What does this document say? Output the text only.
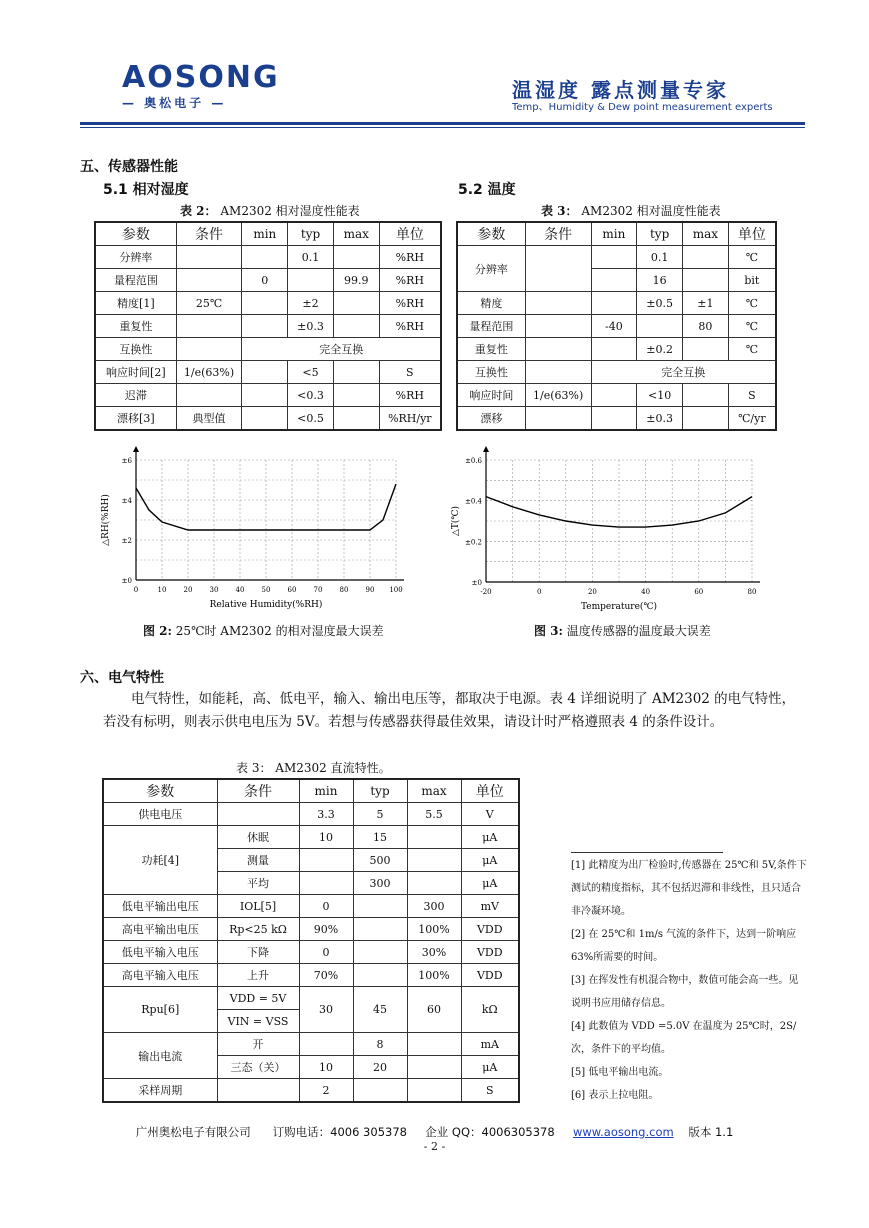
AOSONG
— 奥松电子 —
温湿度 露点测量专家
Temp、Humidity & Dew point measurement experts
五、传感器性能
5.1 相对湿度	5.2 温度
表 2： AM2302 相对湿度性能表	表 3： AM2302 相对温度性能表
参数	条件	min	typ	max	单位
分辨率			0.1		%RH
量程范围		0		99.9	%RH
精度[1]	25℃		±2		%RH
重复性			±0.3		%RH
互换性		完全互换			
响应时间[2]	1/e(63%)		<5		S
迟滞			<0.3		%RH
漂移[3]	典型值		<0.5		%RH/yr
参数	条件	min	typ	max	单位
分辨率			0.1		℃
			16		bit
精度			±0.5	±1	℃
量程范围		-40		80	℃
重复性			±0.2		℃
互换性		完全互换			
响应时间	1/e(63%)		<10		S
漂移			±0.3		℃/yr
0	10 20 30 40 50 60 70 80 90 100
±0
±2
±4
±6
Relative Humidity(%RH)
△RH(%RH)
-20	0	20	40	60	80
±0
±0.2
±0.4
±0.6
Temperature(℃)
△T(℃)
图 2: 25℃时 AM2302 的相对湿度最大误差	图 3: 温度传感器的温度最大误差
六、电气特性
电气特性，如能耗，高、低电平，输入、输出电压等，都取决于电源。表 4 详细说明了 AM2302 的电气特性，若没有标明，则表示供电电压为 5V。若想与传感器获得最佳效果，请设计时严格遵照表 4 的条件设计。
表 3： AM2302 直流特性。
参数	条件	min	typ	max	单位
供电电压		3.3	5	5.5	V
功耗[4]	休眠	10	15		μA
	测量		500		μA
	平均		300		μA
低电平输出电压	IOL[5]	0		300	mV
高电平输出电压	Rp<25 kΩ	90%		100%	VDD
低电平输入电压	下降	0		30%	VDD
高电平输入电压	上升	70%		100%	VDD
Rpu[6]	VDD = 5V	30	45	60	kΩ
	VIN = VSS				
输出电流	开		8		mA
	三态（关）	10	20		μA
采样周期		2			S
[1] 此精度为出厂检验时,传感器在 25℃和 5V,条件下测试的精度指标，其不包括迟滞和非线性，且只适合非冷凝环境。
[2] 在 25℃和 1m/s 气流的条件下，达到一阶响应 63%所需要的时间。
[3] 在挥发性有机混合物中，数值可能会高一些。见说明书应用储存信息。
[4] 此数值为 VDD =5.0V 在温度为 25℃时，2S/次，条件下的平均值。
[5] 低电平输出电流。
[6] 表示上拉电阻。
广州奥松电子有限公司 订购电话：4006 305378 企业 QQ：4006305378 www.aosong.com 版本 1.1
- 2 -
